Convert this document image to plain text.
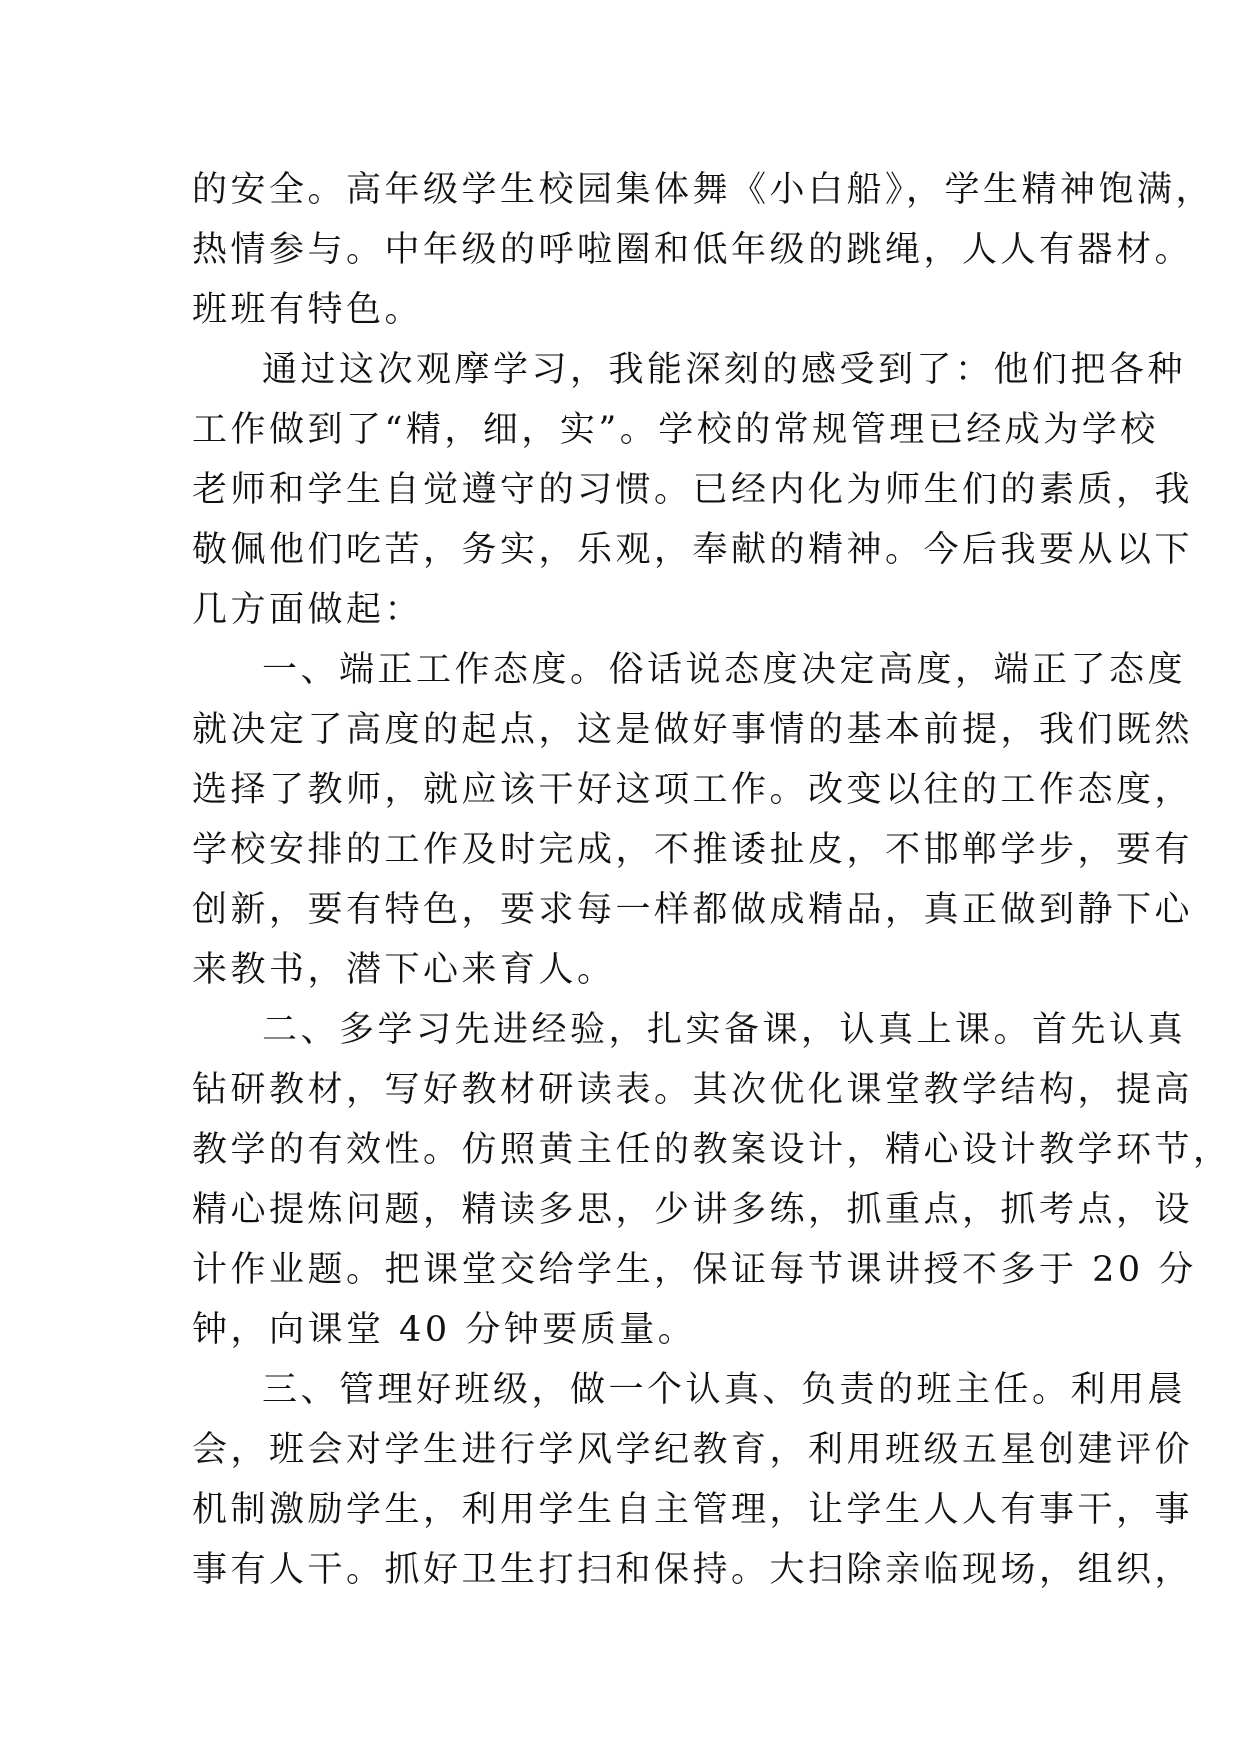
的安全。高年级学生校园集体舞《小白船》，学生精神饱满，

热情参与。中年级的呼啦圈和低年级的跳绳，人人有器材。

班班有特色。

通过这次观摩学习，我能深刻的感受到了：他们把各种

工作做到了“精，细，实”。学校的常规管理已经成为学校

老师和学生自觉遵守的习惯。已经内化为师生们的素质，我

敬佩他们吃苦，务实，乐观，奉献的精神。今后我要从以下

几方面做起：

一、端正工作态度。俗话说态度决定高度，端正了态度

就决定了高度的起点，这是做好事情的基本前提，我们既然

选择了教师，就应该干好这项工作。改变以往的工作态度，

学校安排的工作及时完成，不推诿扯皮，不邯郸学步，要有

创新，要有特色，要求每一样都做成精品，真正做到静下心

来教书，潜下心来育人。

二、多学习先进经验，扎实备课，认真上课。首先认真

钻研教材，写好教材研读表。其次优化课堂教学结构，提高

教学的有效性。仿照黄主任的教案设计，精心设计教学环节，

精心提炼问题，精读多思，少讲多练，抓重点，抓考点，设

计作业题。把课堂交给学生，保证每节课讲授不多于 20 分

钟，向课堂 40 分钟要质量。

三、管理好班级，做一个认真、负责的班主任。利用晨

会，班会对学生进行学风学纪教育，利用班级五星创建评价

机制激励学生，利用学生自主管理，让学生人人有事干，事

事有人干。抓好卫生打扫和保持。大扫除亲临现场，组织，
